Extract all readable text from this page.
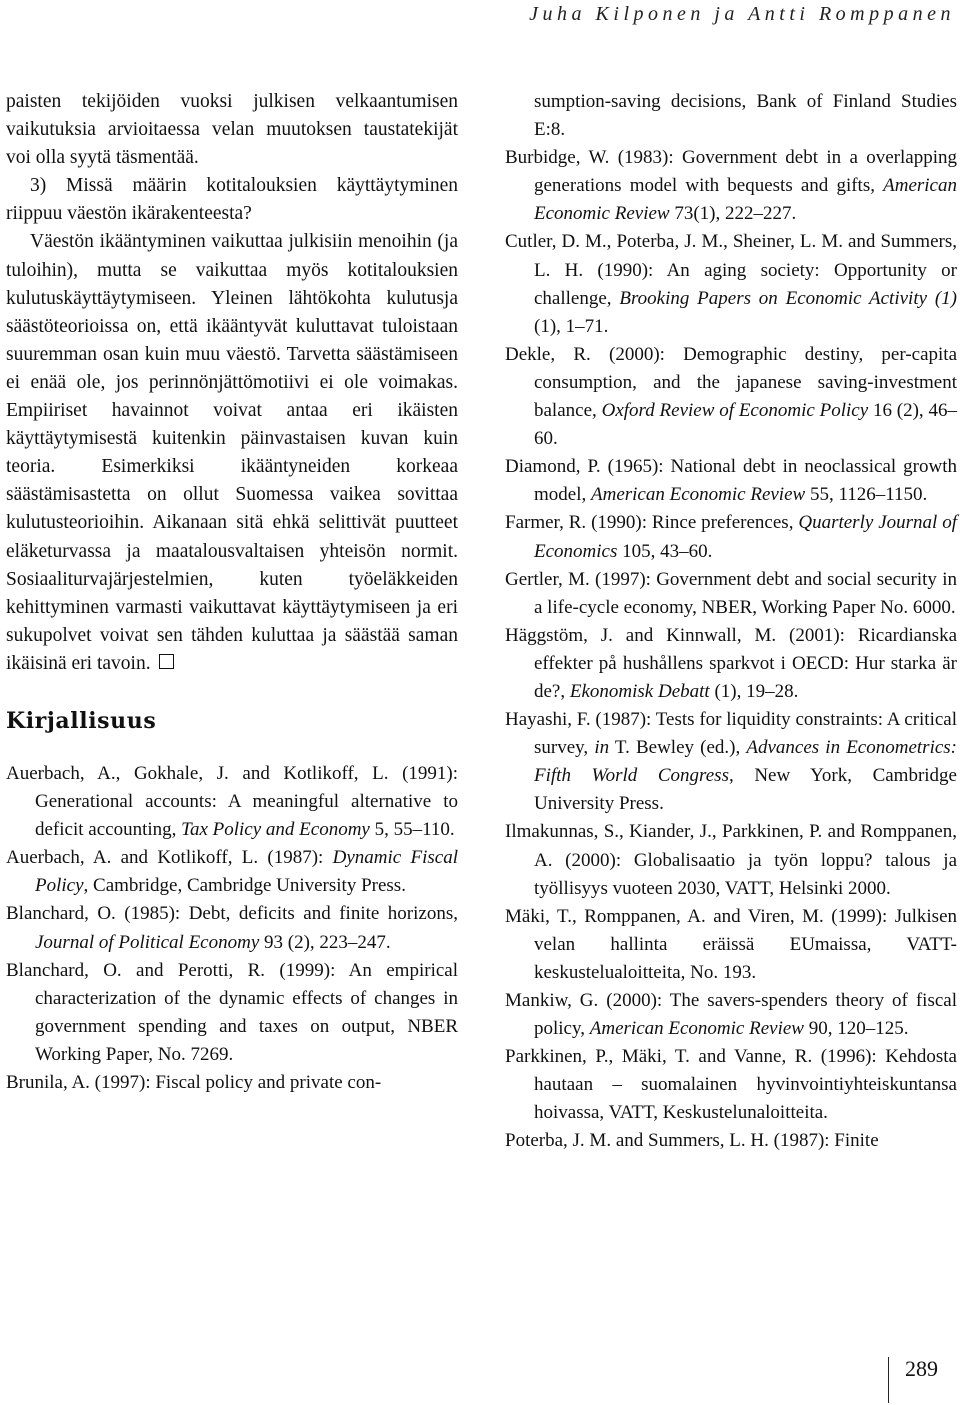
Juha Kilponen ja Antti Romppanen

paisten tekijöiden vuoksi julkisen velkaantumisen vaikutuksia arvioitaessa velan muutoksen taustatekijät voi olla syytä täsmentää.

3) Missä määrin kotitalouksien käyttäytyminen riippuu väestön ikärakenteesta?

Väestön ikääntyminen vaikuttaa julkisiin menoihin (ja tuloihin), mutta se vaikuttaa myös kotitalouksien kulutuskäyttäytymiseen. Yleinen lähtökohta kulutusja säästöteorioissa on, että ikääntyvät kuluttavat tuloistaan suuremman osan kuin muu väestö. Tarvetta säästämiseen ei enää ole, jos perinnönjättömotiivi ei ole voimakas. Empiiriset havainnot voivat antaa eri ikäisten käyttäytymisestä kuitenkin päinvastaisen kuvan kuin teoria. Esimerkiksi ikääntyneiden korkeaa säästämisastetta on ollut Suomessa vaikea sovittaa kulutusteorioihin. Aikanaan sitä ehkä selittivät puutteet eläketurvassa ja maatalousvaltaisen yhteisön normit. Sosiaaliturvajärjestelmien, kuten työeläkkeiden kehittyminen varmasti vaikuttavat käyttäytymiseen ja eri sukupolvet voivat sen tähden kuluttaa ja säästää saman ikäisinä eri tavoin.

Kirjallisuus

Auerbach, A., Gokhale, J. and Kotlikoff, L. (1991): Generational accounts: A meaningful alternative to deficit accounting, Tax Policy and Economy 5, 55–110.

Auerbach, A. and Kotlikoff, L. (1987): Dynamic Fiscal Policy, Cambridge, Cambridge University Press.

Blanchard, O. (1985): Debt, deficits and finite horizons, Journal of Political Economy 93 (2), 223–247.

Blanchard, O. and Perotti, R. (1999): An empirical characterization of the dynamic effects of changes in government spending and taxes on output, NBER Working Paper, No. 7269.

Brunila, A. (1997): Fiscal policy and private con-

sumption-saving decisions, Bank of Finland Studies E:8.

Burbidge, W. (1983): Government debt in a overlapping generations model with bequests and gifts, American Economic Review 73(1), 222–227.

Cutler, D. M., Poterba, J. M., Sheiner, L. M. and Summers, L. H. (1990): An aging society: Opportunity or challenge, Brooking Papers on Economic Activity (1) (1), 1–71.

Dekle, R. (2000): Demographic destiny, per-capita consumption, and the japanese saving-investment balance, Oxford Review of Economic Policy 16 (2), 46–60.

Diamond, P. (1965): National debt in neoclassical growth model, American Economic Review 55, 1126–1150.

Farmer, R. (1990): Rince preferences, Quarterly Journal of Economics 105, 43–60.

Gertler, M. (1997): Government debt and social security in a life-cycle economy, NBER, Working Paper No. 6000.

Häggstöm, J. and Kinnwall, M. (2001): Ricardianska effekter på hushållens sparkvot i OECD: Hur starka är de?, Ekonomisk Debatt (1), 19–28.

Hayashi, F. (1987): Tests for liquidity constraints: A critical survey, in T. Bewley (ed.), Advances in Econometrics: Fifth World Congress, New York, Cambridge University Press.

Ilmakunnas, S., Kiander, J., Parkkinen, P. and Romppanen, A. (2000): Globalisaatio ja työn loppu? talous ja työllisyys vuoteen 2030, VATT, Helsinki 2000.

Mäki, T., Romppanen, A. and Viren, M. (1999): Julkisen velan hallinta eräissä EUmaissa, VATT-keskustelualoitteita, No. 193.

Mankiw, G. (2000): The savers-spenders theory of fiscal policy, American Economic Review 90, 120–125.

Parkkinen, P., Mäki, T. and Vanne, R. (1996): Kehdosta hautaan – suomalainen hyvinvointiyhteiskuntansa hoivassa, VATT, Keskustelunaloitteita.

Poterba, J. M. and Summers, L. H. (1987): Finite

289
